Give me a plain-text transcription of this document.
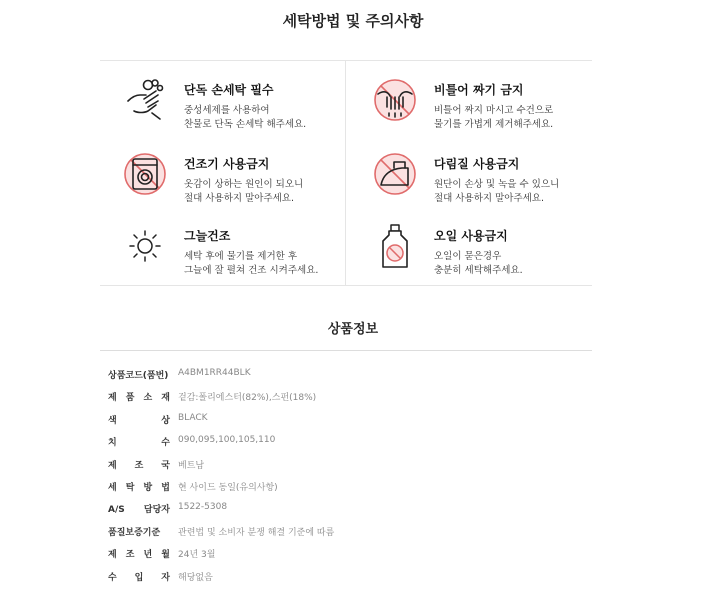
세탁방법 및 주의사항
단독 손세탁 필수
중성세제를 사용하여
찬물로 단독 손세탁 해주세요.
비틀어 짜기 금지
비틀어 짜지 마시고 수건으로
물기를 가볍게 제거해주세요.
건조기 사용금지
옷감이 상하는 원인이 되오니
절대 사용하지 말아주세요.
다림질 사용금지
원단이 손상 및 녹을 수 있으니
절대 사용하지 말아주세요.
그늘건조
세탁 후에 물기를 제거한 후
그늘에 잘 펼쳐 건조 시켜주세요.
오일 사용금지
오일이 묻은경우
충분히 세탁해주세요.
상품정보
상품코드(품번) A4BM1RR44BLK
제 품 소 재 겉감:폴리에스터(82%),스펀(18%)
색 상 BLACK
치 수 090,095,100,105,110
제 조 국 베트남
세 탁 방 법 현 사이드 동일(유의사항)
A/S 담당자 1522-5308
품질보증기준	관련법 및 소비자 분쟁 해결 기준에 따름
제 조 년 월 24년 3월
수 입 자 해당없음
